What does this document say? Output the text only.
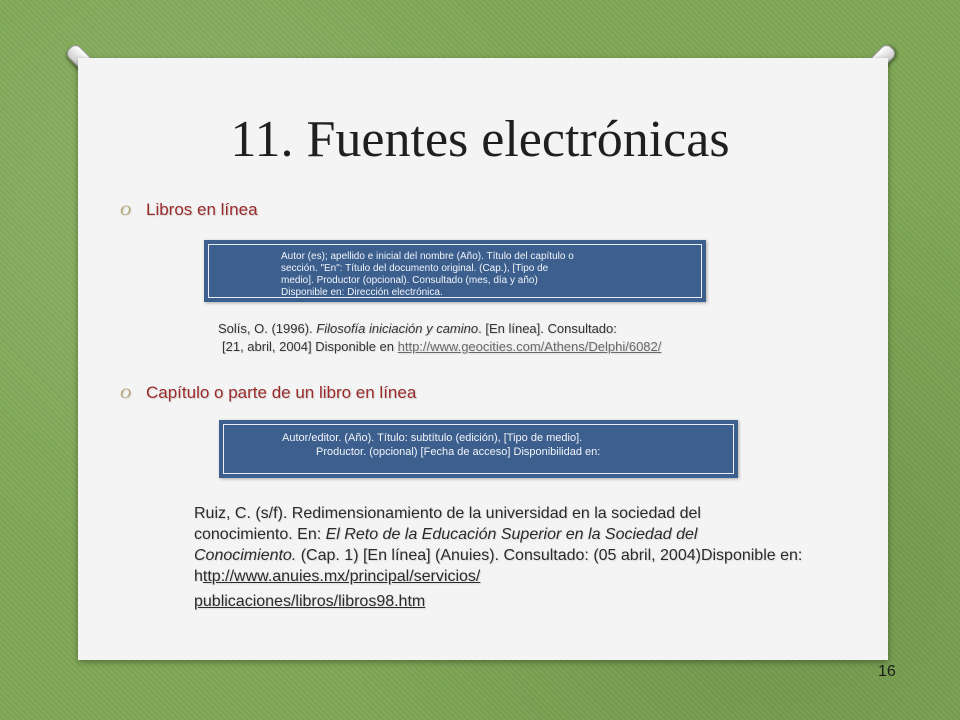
11. Fuentes electrónicas
O Libros en línea
Autor (es); apellido e inicial del nombre (Año). Título del capítulo o
sección. "En": Título del documento original. (Cap.), [Tipo de
medio]. Productor (opcional). Consultado (mes, día y año)
Disponible en: Dirección electrónica.
Solís, O. (1996). Filosofía iniciación y camino. [En línea]. Consultado:
[21, abril, 2004] Disponible en http://www.geocities.com/Athens/Delphi/6082/
O Capítulo o parte de un libro en línea
Autor/editor. (Año). Título: subtítulo (edición), [Tipo de medio].
Productor. (opcional) [Fecha de acceso] Disponibilidad en:
Ruiz, C. (s/f). Redimensionamiento de la universidad en la sociedad del conocimiento. En: El Reto de la Educación Superior en la Sociedad del Conocimiento. (Cap. 1) [En línea] (Anuies). Consultado: (05 abril, 2004)Disponible en: http://www.anuies.mx/principal/servicios/
publicaciones/libros/libros98.htm
16
